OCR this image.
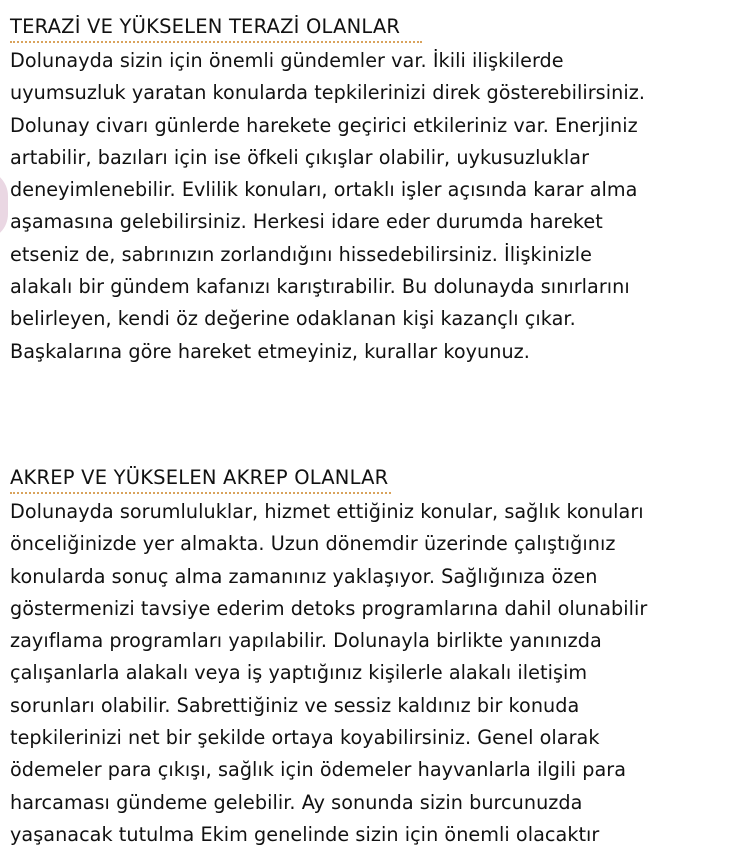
TERAZİ VE YÜKSELEN TERAZİ OLANLAR

Dolunayda sizin için önemli gündemler var. İkili ilişkilerde
uyumsuzluk yaratan konularda tepkilerinizi direk gösterebilirsiniz.
Dolunay civarı günlerde harekete geçirici etkileriniz var. Enerjiniz
artabilir, bazıları için ise öfkeli çıkışlar olabilir, uykusuzluklar
deneyimlenebilir. Evlilik konuları, ortaklı işler açısında karar alma
aşamasına gelebilirsiniz. Herkesi idare eder durumda hareket
etseniz de, sabrınızın zorlandığını hissedebilirsiniz. İlişkinizle
alakalı bir gündem kafanızı karıştırabilir. Bu dolunayda sınırlarını
belirleyen, kendi öz değerine odaklanan kişi kazançlı çıkar.
Başkalarına göre hareket etmeyiniz, kurallar koyunuz.

AKREP VE YÜKSELEN AKREP OLANLAR

Dolunayda sorumluluklar, hizmet ettiğiniz konular, sağlık konuları
önceliğinizde yer almakta. Uzun dönemdir üzerinde çalıştığınız
konularda sonuç alma zamanınız yaklaşıyor. Sağlığınıza özen
göstermenizi tavsiye ederim detoks programlarına dahil olunabilir
zayıflama programları yapılabilir. Dolunayla birlikte yanınızda
çalışanlarla alakalı veya iş yaptığınız kişilerle alakalı iletişim
sorunları olabilir. Sabrettiğiniz ve sessiz kaldınız bir konuda
tepkilerinizi net bir şekilde ortaya koyabilirsiniz. Genel olarak
ödemeler para çıkışı, sağlık için ödemeler hayvanlarla ilgili para
harcaması gündeme gelebilir. Ay sonunda sizin burcunuzda
yaşanacak tutulma Ekim genelinde sizin için önemli olacaktır
